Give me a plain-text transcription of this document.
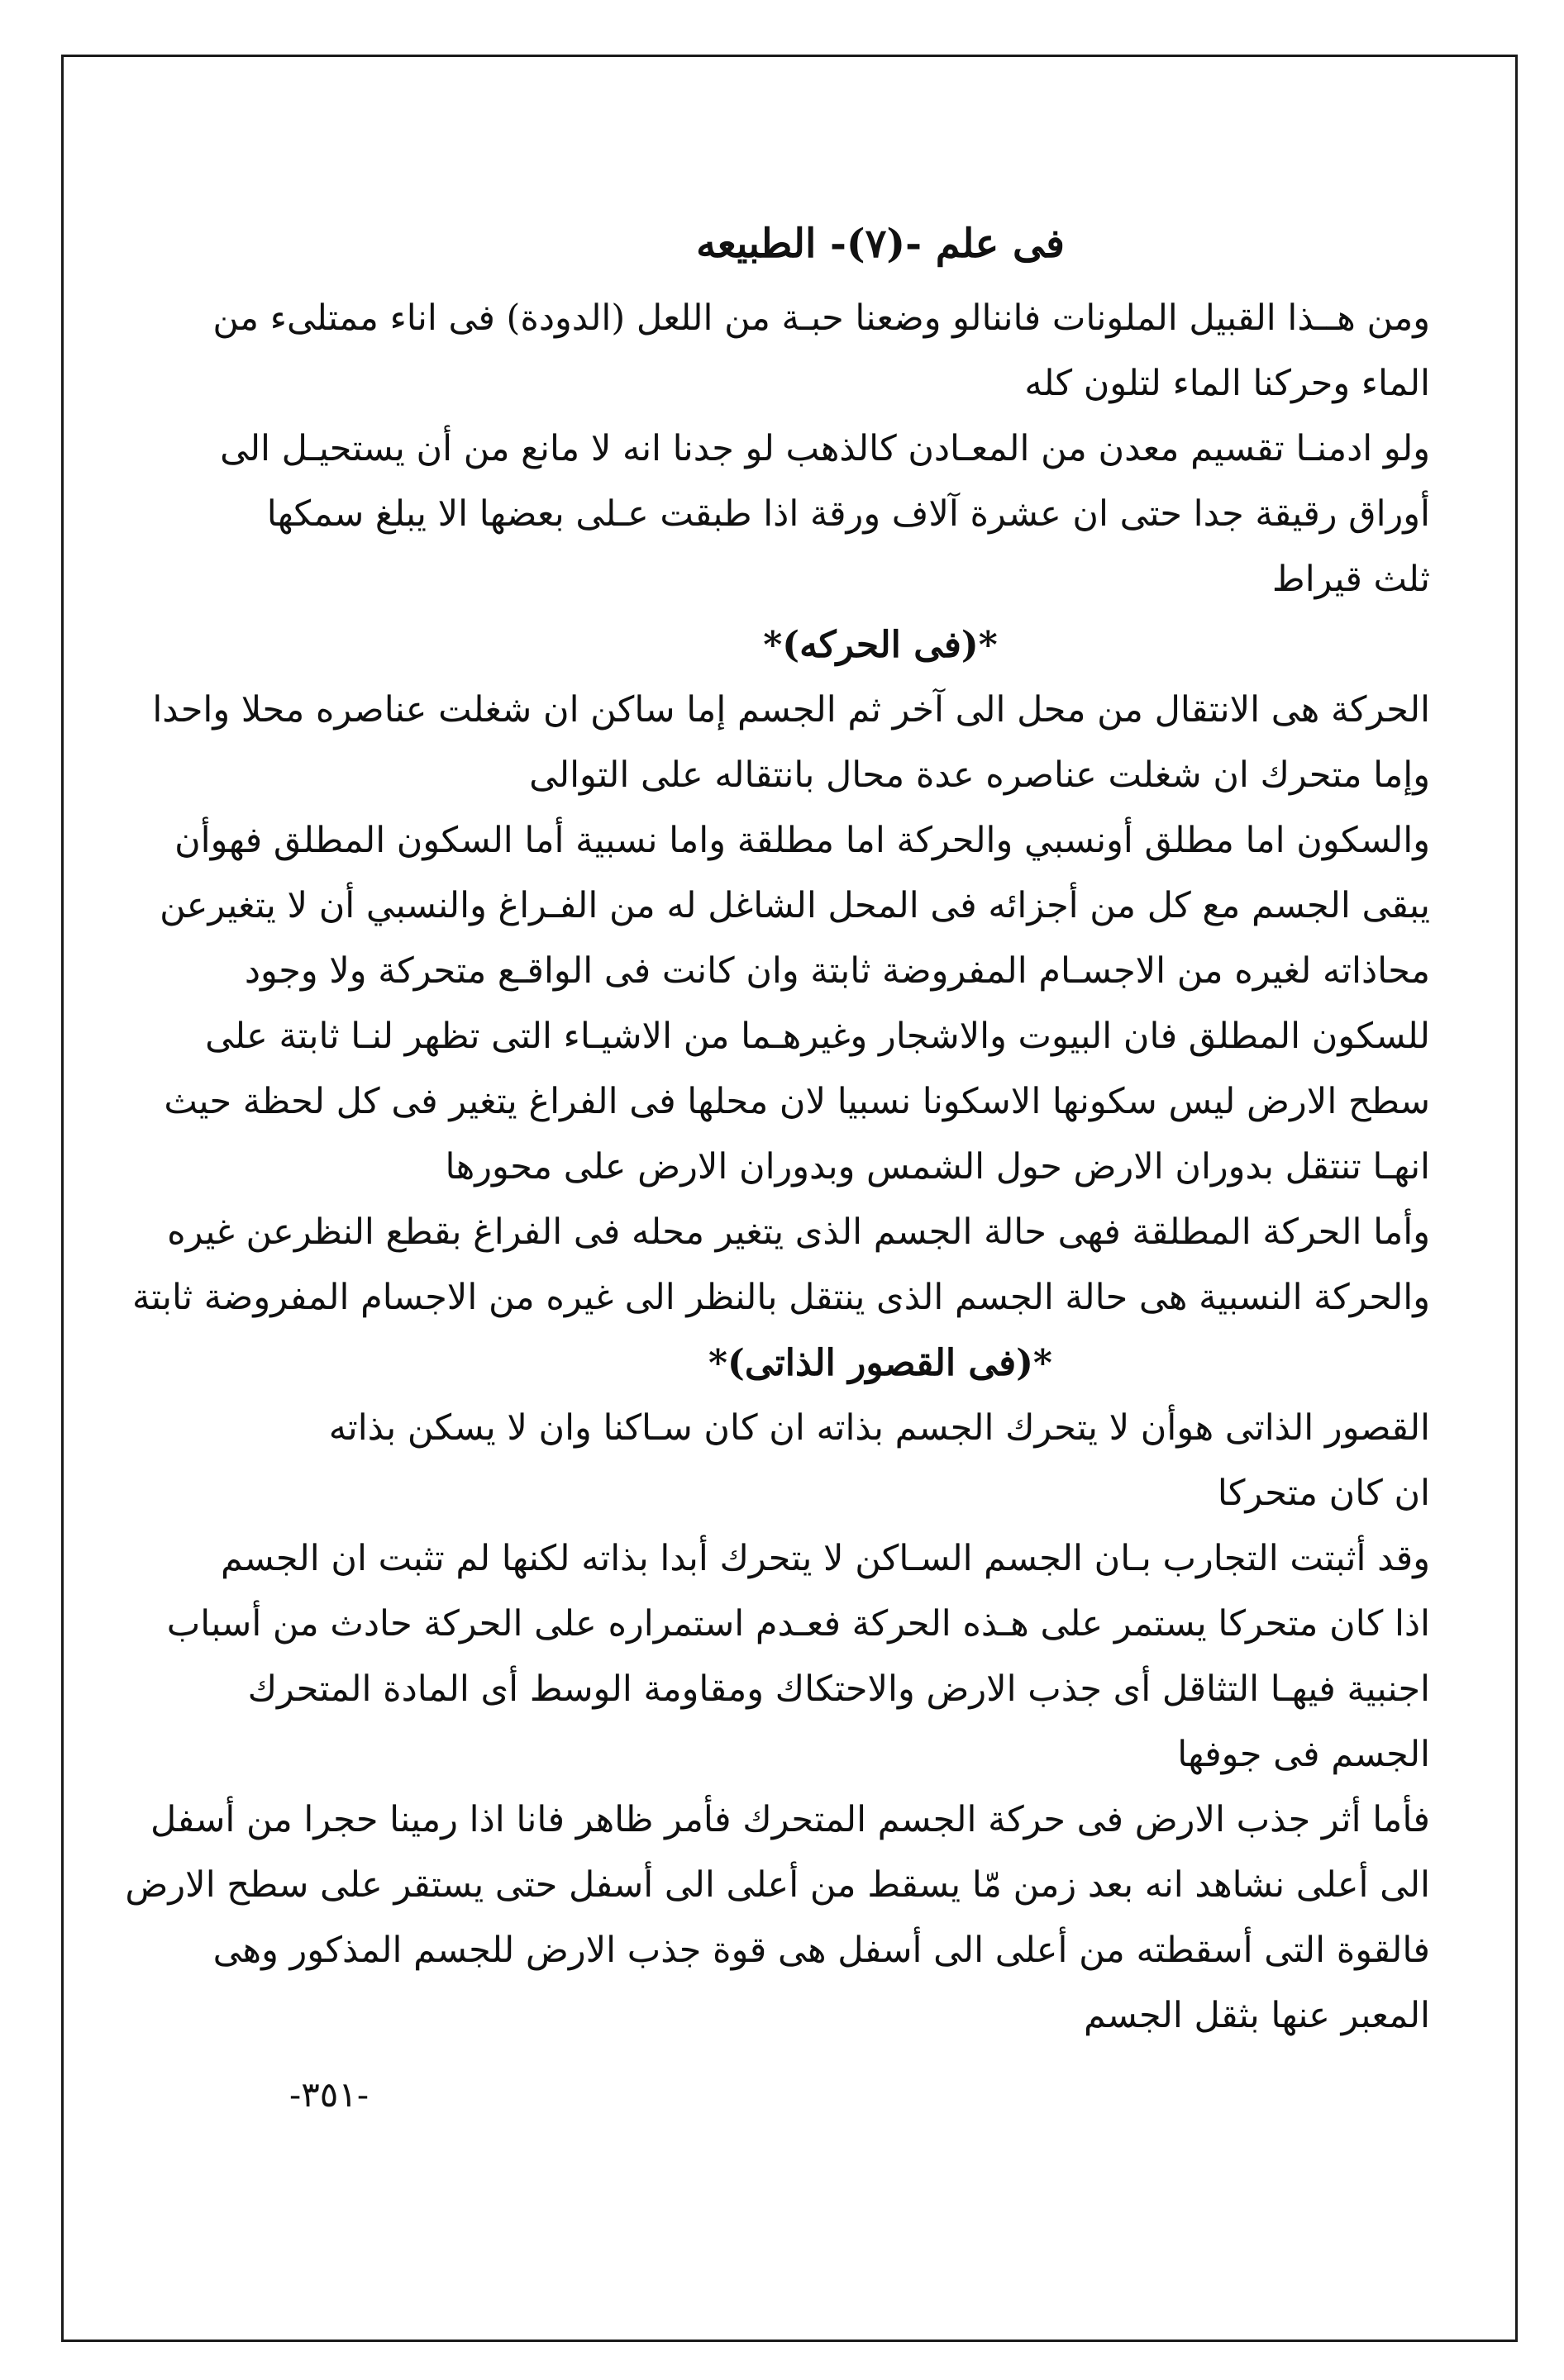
فى علم -(٧)- الطبيعه
ومن هــذا القبيل الملونات فاننالو وضعنا حبـة من اللعل (الدودة) فى اناء ممتلىء من
الماء وحركنا الماء لتلون كله
ولو ادمنـا تقسيم معدن من المعـادن كالذهب لو جدنا انه لا مانع من أن يستحيـل الى
أوراق رقيقة جدا حتى ان عشرة آلاف ورقة اذا طبقت عـلى بعضها الا يبلغ سمكها
ثلث قيراط
*(فى الحركه)*
الحركة هى الانتقال من محل الى آخر ثم الجسم إما ساكن ان شغلت عناصره محلا واحدا
وإما متحرك ان شغلت عناصره عدة محال بانتقاله على التوالى
والسكون اما مطلق أونسبي والحركة اما مطلقة واما نسبية أما السكون المطلق فهوأن
يبقى الجسم مع كل من أجزائه فى المحل الشاغل له من الفـراغ والنسبي أن لا يتغيرعن
محاذاته لغيره من الاجسـام المفروضة ثابتة وان كانت فى الواقـع متحركة ولا وجود
للسكون المطلق فان البيوت والاشجار وغيرهـما من الاشيـاء التى تظهر لنـا ثابتة على
سطح الارض ليس سكونها الاسكونا نسبيا لان محلها فى الفراغ يتغير فى كل لحظة حيث
انهـا تنتقل بدوران الارض حول الشمس وبدوران الارض على محورها
وأما الحركة المطلقة فهى حالة الجسم الذى يتغير محله فى الفراغ بقطع النظرعن غيره
والحركة النسبية هى حالة الجسم الذى ينتقل بالنظر الى غيره من الاجسام المفروضة ثابتة
*(فى القصور الذاتى)*
القصور الذاتى هوأن لا يتحرك الجسم بذاته ان كان سـاكنا وان لا يسكن بذاته
ان كان متحركا
وقد أثبتت التجارب بـان الجسم السـاكن لا يتحرك أبدا بذاته لكنها لم تثبت ان الجسم
اذا كان متحركا يستمر على هـذه الحركة فعـدم استمراره على الحركة حادث من أسباب
اجنبية فيهـا التثاقل أى جذب الارض والاحتكاك ومقاومة الوسط أى المادة المتحرك
الجسم فى جوفها
فأما أثر جذب الارض فى حركة الجسم المتحرك فأمر ظاهر فانا اذا رمينا حجرا من أسفل
الى أعلى نشاهد انه بعد زمن مّا يسقط من أعلى الى أسفل حتى يستقر على سطح الارض
فالقوة التى أسقطته من أعلى الى أسفل هى قوة جذب الارض للجسم المذكور وهى
المعبر عنها بثقل الجسم
-٣٥١-
